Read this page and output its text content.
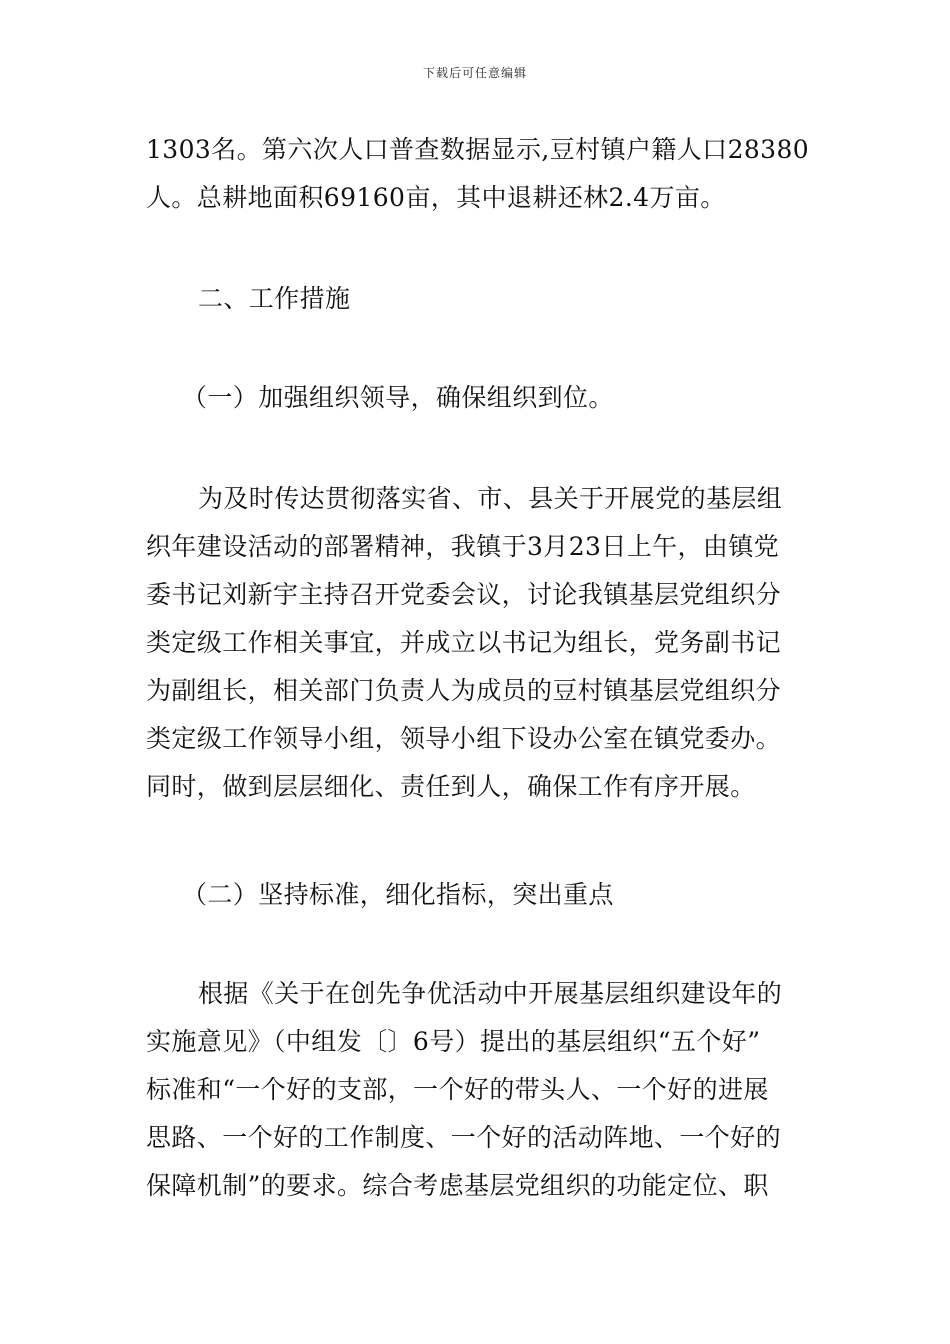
下载后可任意编辑
1303名。第六次人口普查数据显示,豆村镇户籍人口28380
人。总耕地面积69160亩，其中退耕还林2.4万亩。
二、工作措施
（一）加强组织领导，确保组织到位。
为及时传达贯彻落实省、市、县关于开展党的基层组
织年建设活动的部署精神，我镇于3月23日上午，由镇党
委书记刘新宇主持召开党委会议，讨论我镇基层党组织分
类定级工作相关事宜，并成立以书记为组长，党务副书记
为副组长，相关部门负责人为成员的豆村镇基层党组织分
类定级工作领导小组，领导小组下设办公室在镇党委办。
同时，做到层层细化、责任到人，确保工作有序开展。
（二）坚持标准，细化指标，突出重点
根据《关于在创先争优活动中开展基层组织建设年的
实施意见》（中组发〔〕6号）提出的基层组织“五个好”
标准和“一个好的支部，一个好的带头人、一个好的进展
思路、一个好的工作制度、一个好的活动阵地、一个好的
保障机制”的要求。综合考虑基层党组织的功能定位、职
